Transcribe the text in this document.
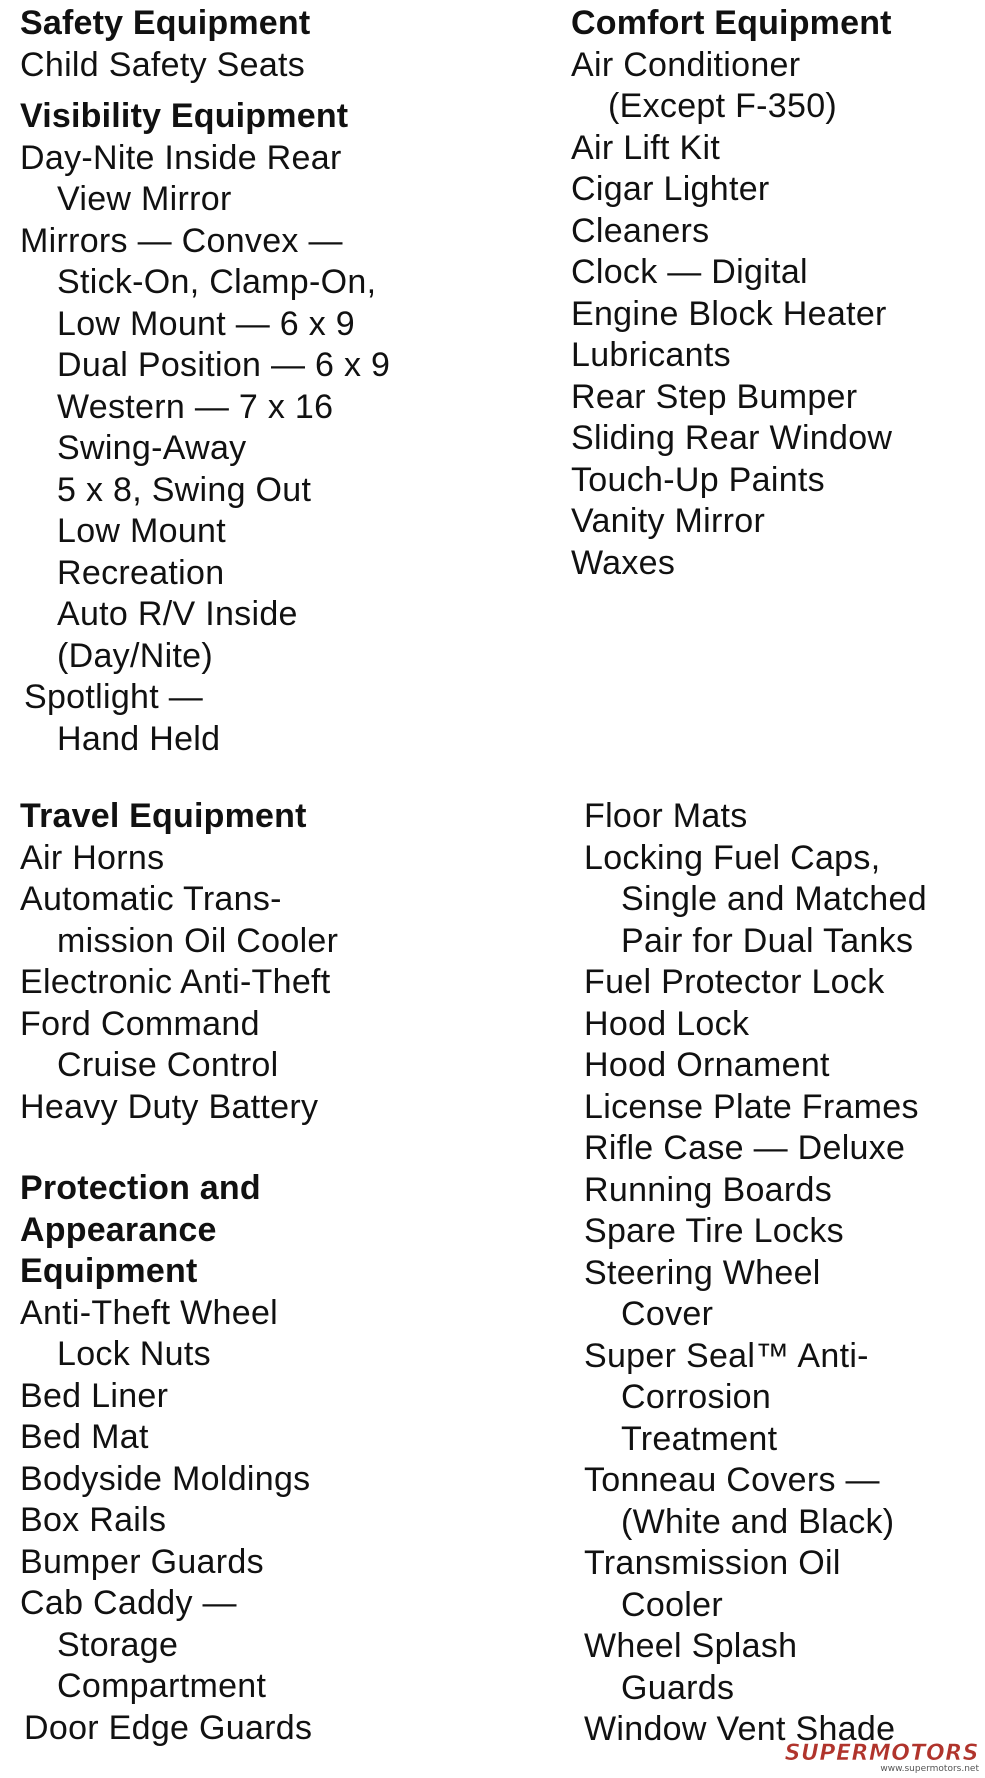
Safety Equipment
Child Safety Seats
Visibility Equipment
Day-Nite Inside Rear
View Mirror
Mirrors — Convex —
Stick-On, Clamp-On,
Low Mount — 6 x 9
Dual Position — 6 x 9
Western — 7 x 16
Swing-Away
5 x 8, Swing Out
Low Mount
Recreation
Auto R/V Inside
(Day/Nite)
Spotlight —
Hand Held
Comfort Equipment
Air Conditioner
(Except F-350)
Air Lift Kit
Cigar Lighter
Cleaners
Clock — Digital
Engine Block Heater
Lubricants
Rear Step Bumper
Sliding Rear Window
Touch-Up Paints
Vanity Mirror
Waxes
Travel Equipment
Air Horns
Automatic Trans-
mission Oil Cooler
Electronic Anti-Theft
Ford Command
Cruise Control
Heavy Duty Battery
Protection and
Appearance
Equipment
Anti-Theft Wheel
Lock Nuts
Bed Liner
Bed Mat
Bodyside Moldings
Box Rails
Bumper Guards
Cab Caddy —
Storage
Compartment
Door Edge Guards
Floor Mats
Locking Fuel Caps,
Single and Matched
Pair for Dual Tanks
Fuel Protector Lock
Hood Lock
Hood Ornament
License Plate Frames
Rifle Case — Deluxe
Running Boards
Spare Tire Locks
Steering Wheel
Cover
Super Seal™ Anti-
Corrosion
Treatment
Tonneau Covers —
(White and Black)
Transmission Oil
Cooler
Wheel Splash
Guards
Window Vent Shade
SUPERMOTORS
www.supermotors.net
